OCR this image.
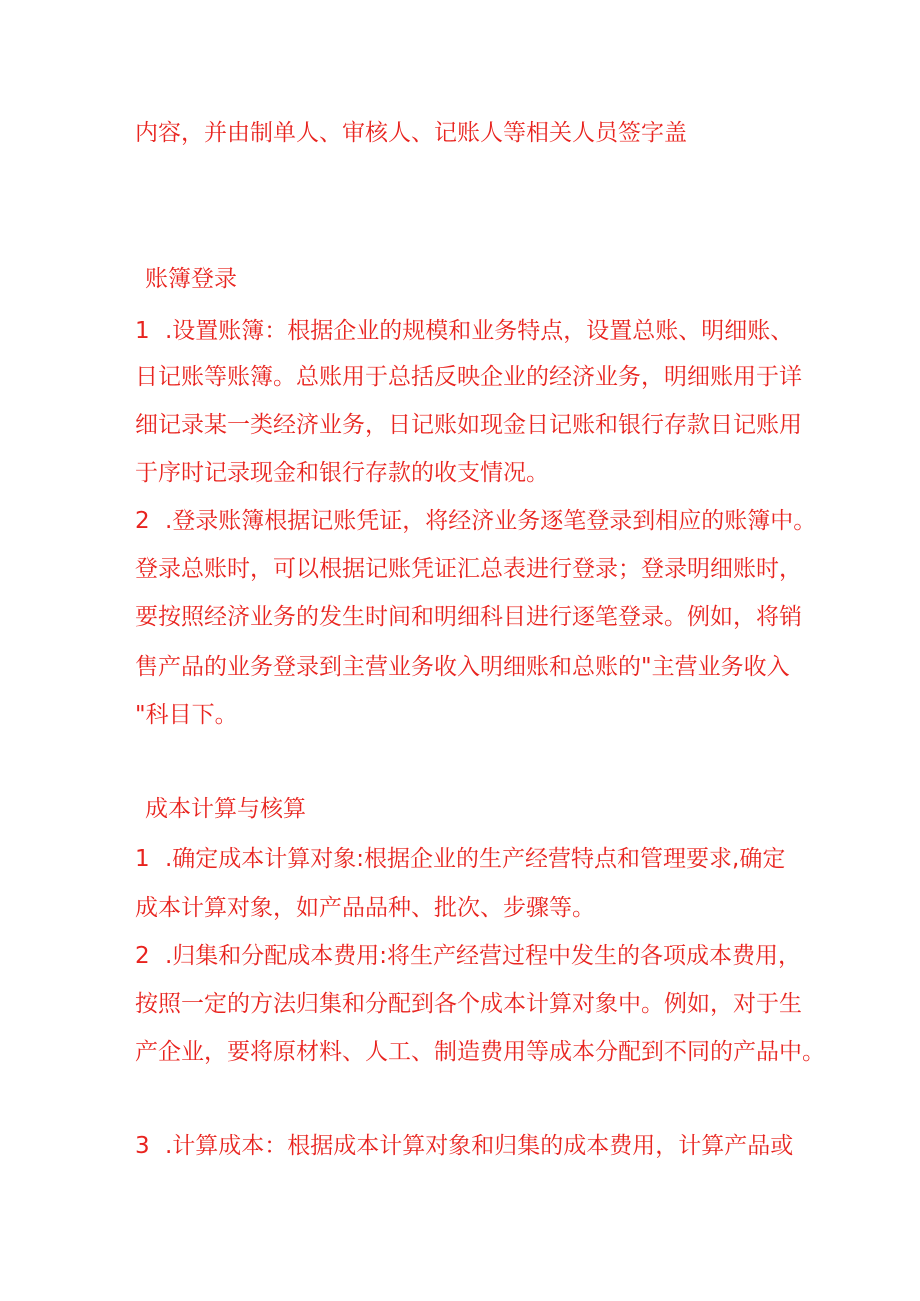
内容，并由制单人、审核人、记账人等相关人员签字盖
账簿登录
1 .设置账簿：根据企业的规模和业务特点，设置总账、明细账、
日记账等账簿。总账用于总括反映企业的经济业务，明细账用于详
细记录某一类经济业务，日记账如现金日记账和银行存款日记账用
于序时记录现金和银行存款的收支情况。
2 .登录账簿根据记账凭证，将经济业务逐笔登录到相应的账簿中。
登录总账时，可以根据记账凭证汇总表进行登录；登录明细账时，
要按照经济业务的发生时间和明细科目进行逐笔登录。例如，将销
售产品的业务登录到主营业务收入明细账和总账的"主营业务收入
"科目下。
成本计算与核算
1 .确定成本计算对象:根据企业的生产经营特点和管理要求,确定
成本计算对象，如产品品种、批次、步骤等。
2 .归集和分配成本费用:将生产经营过程中发生的各项成本费用，
按照一定的方法归集和分配到各个成本计算对象中。例如，对于生
产企业，要将原材料、人工、制造费用等成本分配到不同的产品中。
3 .计算成本：根据成本计算对象和归集的成本费用，计算产品或
